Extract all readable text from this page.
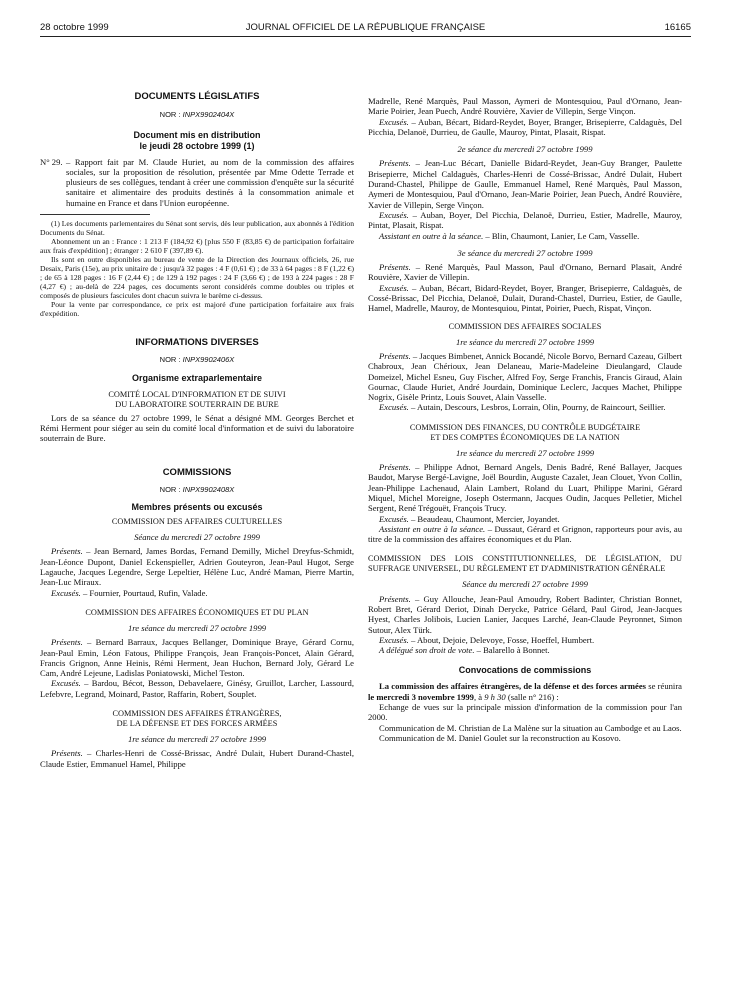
28 octobre 1999	JOURNAL OFFICIEL DE LA RÉPUBLIQUE FRANÇAISE	16165

DOCUMENTS LÉGISLATIFS

NOR : INPX9902404X

Document mis en distribution

le jeudi 28 octobre 1999 (1)

N° 29. – Rapport fait par M. Claude Huriet, au nom de la commission des affaires sociales, sur la proposition de résolution, présentée par Mme Odette Terrade et plusieurs de ses collègues, tendant à créer une commission d'enquête sur la sécurité sanitaire et alimentaire des produits destinés à la consommation animale et humaine en France et dans l'Union européenne.

(1) Les documents parlementaires du Sénat sont servis, dès leur publication, aux abonnés à l'édition Documents du Sénat.

Abonnement un an : France : 1 213 F (184,92 €) [plus 550 F (83,85 €) de participation forfaitaire aux frais d'expédition] ; étranger : 2 610 F (397,89 €).

Ils sont en outre disponibles au bureau de vente de la Direction des Journaux officiels, 26, rue Desaix, Paris (15e), au prix unitaire de : jusqu'à 32 pages : 4 F (0,61 €) ; de 33 à 64 pages : 8 F (1,22 €) ; de 65 à 128 pages : 16 F (2,44 €) ; de 129 à 192 pages : 24 F (3,66 €) ; de 193 à 224 pages : 28 F (4,27 €) ; au-delà de 224 pages, ces documents seront considérés comme doubles ou triples et composés de plusieurs fascicules dont chacun suivra le barème ci-dessus.

Pour la vente par correspondance, ce prix est majoré d'une participation forfaitaire aux frais d'expédition.

INFORMATIONS DIVERSES

NOR : INPX9902406X

Organisme extraparlementaire

COMITÉ LOCAL D'INFORMATION ET DE SUIVI

DU LABORATOIRE SOUTERRAIN DE BURE

Lors de sa séance du 27 octobre 1999, le Sénat a désigné MM. Georges Berchet et Rémi Herment pour siéger au sein du comité local d'information et de suivi du laboratoire souterrain de Bure.

COMMISSIONS

NOR : INPX9902408X

Membres présents ou excusés

COMMISSION DES AFFAIRES CULTURELLES

Séance du mercredi 27 octobre 1999

Présents. – Jean Bernard, James Bordas, Fernand Demilly, Michel Dreyfus-Schmidt, Jean-Léonce Dupont, Daniel Eckenspieller, Adrien Gouteyron, Jean-Paul Hugot, Serge Lagauche, Jacques Legendre, Serge Lepeltier, Hélène Luc, André Maman, Pierre Martin, Jean-Luc Miraux.

Excusés. – Fournier, Pourtaud, Rufin, Valade.

COMMISSION DES AFFAIRES ÉCONOMIQUES ET DU PLAN

1re séance du mercredi 27 octobre 1999

Présents. – Bernard Barraux, Jacques Bellanger, Dominique Braye, Gérard Cornu, Jean-Paul Emin, Léon Fatous, Philippe François, Jean François-Poncet, Alain Gérard, Francis Grignon, Anne Heinis, Rémi Herment, Jean Huchon, Bernard Joly, Gérard Le Cam, André Lejeune, Ladislas Poniatowski, Michel Teston.

Excusés. – Bardou, Bécot, Besson, Debavelaere, Ginésy, Gruillot, Larcher, Lassourd, Lefebvre, Legrand, Moinard, Pastor, Raffarin, Robert, Souplet.

COMMISSION DES AFFAIRES ÉTRANGÈRES,

DE LA DÉFENSE ET DES FORCES ARMÉES

1re séance du mercredi 27 octobre 1999

Présents. – Charles-Henri de Cossé-Brissac, André Dulait, Hubert Durand-Chastel, Claude Estier, Emmanuel Hamel, Philippe

Madrelle, René Marquès, Paul Masson, Aymeri de Montesquiou, Paul d'Ornano, Jean-Marie Poirier, Jean Puech, André Rouvière, Xavier de Villepin, Serge Vinçon.

Excusés. – Auban, Bécart, Bidard-Reydet, Boyer, Branger, Brisepierre, Caldaguès, Del Picchia, Delanoë, Durrieu, de Gaulle, Mauroy, Pintat, Plasait, Rispat.

2e séance du mercredi 27 octobre 1999

Présents. – Jean-Luc Bécart, Danielle Bidard-Reydet, Jean-Guy Branger, Paulette Brisepierre, Michel Caldaguès, Charles-Henri de Cossé-Brissac, André Dulait, Hubert Durand-Chastel, Philippe de Gaulle, Emmanuel Hamel, René Marquès, Paul Masson, Aymeri de Montesquiou, Paul d'Ornano, Jean-Marie Poirier, Jean Puech, André Rouvière, Xavier de Villepin, Serge Vinçon.

Excusés. – Auban, Boyer, Del Picchia, Delanoë, Durrieu, Estier, Madrelle, Mauroy, Pintat, Plasait, Rispat.

Assistant en outre à la séance. – Blin, Chaumont, Lanier, Le Cam, Vasselle.

3e séance du mercredi 27 octobre 1999

Présents. – René Marquès, Paul Masson, Paul d'Ornano, Bernard Plasait, André Rouvière, Xavier de Villepin.

Excusés. – Auban, Bécart, Bidard-Reydet, Boyer, Branger, Brisepierre, Caldaguès, de Cossé-Brissac, Del Picchia, Delanoë, Dulait, Durand-Chastel, Durrieu, Estier, de Gaulle, Hamel, Madrelle, Mauroy, de Montesquiou, Pintat, Poirier, Puech, Rispat, Vinçon.

COMMISSION DES AFFAIRES SOCIALES

1re séance du mercredi 27 octobre 1999

Présents. – Jacques Bimbenet, Annick Bocandé, Nicole Borvo, Bernard Cazeau, Gilbert Chabroux, Jean Chérioux, Jean Delaneau, Marie-Madeleine Dieulangard, Claude Domeizel, Michel Esneu, Guy Fischer, Alfred Foy, Serge Franchis, Francis Giraud, Alain Gournac, Claude Huriet, André Jourdain, Dominique Leclerc, Jacques Machet, Philippe Nogrix, Gisèle Printz, Louis Souvet, Alain Vasselle.

Excusés. – Autain, Descours, Lesbros, Lorrain, Olin, Pourny, de Raincourt, Seillier.

COMMISSION DES FINANCES, DU CONTRÔLE BUDGÉTAIRE

ET DES COMPTES ÉCONOMIQUES DE LA NATION

1re séance du mercredi 27 octobre 1999

Présents. – Philippe Adnot, Bernard Angels, Denis Badré, René Ballayer, Jacques Baudot, Maryse Bergé-Lavigne, Joël Bourdin, Auguste Cazalet, Jean Clouet, Yvon Collin, Jean-Philippe Lachenaud, Alain Lambert, Roland du Luart, Philippe Marini, Gérard Miquel, Michel Moreigne, Joseph Ostermann, Jacques Oudin, Jacques Pelletier, Michel Sergent, René Trégouët, François Trucy.

Excusés. – Beaudeau, Chaumont, Mercier, Joyandet.

Assistant en outre à la séance. – Dussaut, Gérard et Grignon, rapporteurs pour avis, au titre de la commission des affaires économiques et du Plan.

COMMISSION DES LOIS CONSTITUTIONNELLES, DE LÉGISLATION, DU SUFFRAGE UNIVERSEL, DU RÈGLEMENT ET D'ADMINISTRATION GÉNÉRALE

Séance du mercredi 27 octobre 1999

Présents. – Guy Allouche, Jean-Paul Amoudry, Robert Badinter, Christian Bonnet, Robert Bret, Gérard Deriot, Dinah Derycke, Patrice Gélard, Paul Girod, Jean-Jacques Hyest, Charles Jolibois, Lucien Lanier, Jacques Larché, Jean-Claude Peyronnet, Simon Sutour, Alex Türk.

Excusés. – About, Dejoie, Delevoye, Fosse, Hoeffel, Humbert.

A délégué son droit de vote. – Balarello à Bonnet.

Convocations de commissions

La commission des affaires étrangères, de la défense et des forces armées se réunira le mercredi 3 novembre 1999, à 9 h 30 (salle n° 216) :

Echange de vues sur la principale mission d'information de la commission pour l'an 2000.

Communication de M. Christian de La Malène sur la situation au Cambodge et au Laos.

Communication de M. Daniel Goulet sur la reconstruction au Kosovo.
